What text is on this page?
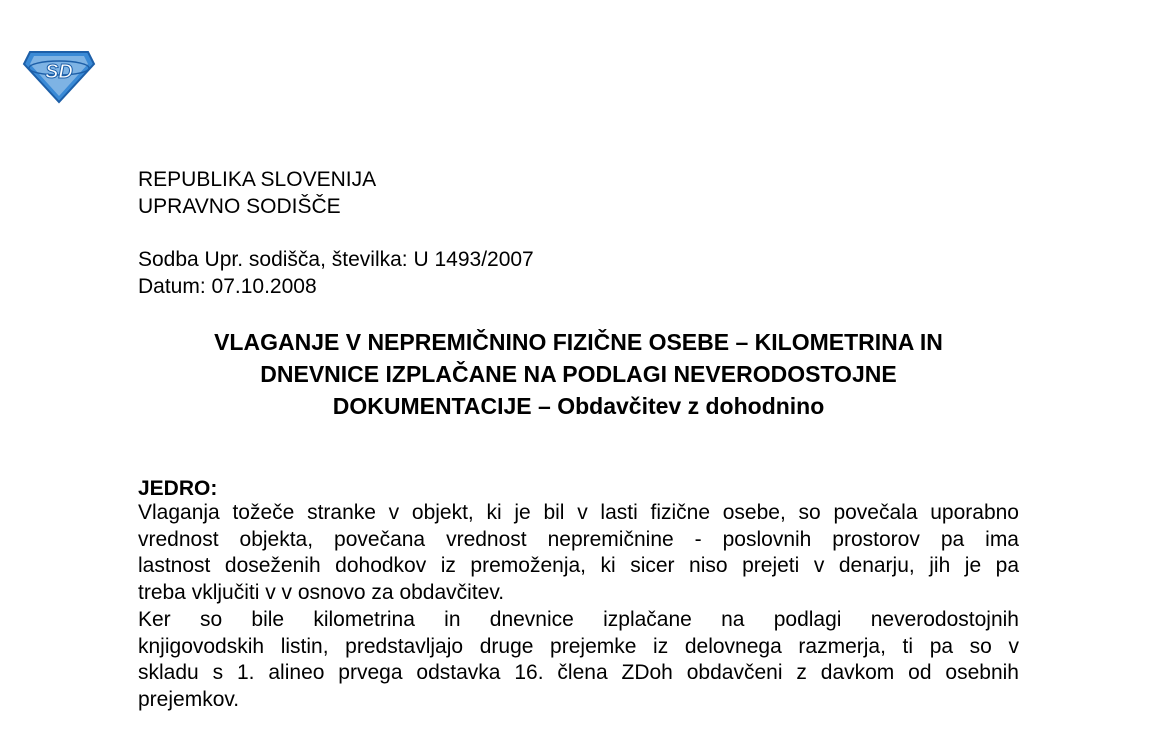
SD
REPUBLIKA SLOVENIJA
UPRAVNO SODIŠČE
Sodba Upr. sodišča, številka: U 1493/2007
Datum: 07.10.2008
VLAGANJE V NEPREMIČNINO FIZIČNE OSEBE – KILOMETRINA IN
DNEVNICE IZPLAČANE NA PODLAGI NEVERODOSTOJNE
DOKUMENTACIJE – Obdavčitev z dohodnino
JEDRO:
Vlaganja tožeče stranke v objekt, ki je bil v lasti fizične osebe, so povečala uporabno
vrednost objekta, povečana vrednost nepremičnine - poslovnih prostorov pa ima
lastnost doseženih dohodkov iz premoženja, ki sicer niso prejeti v denarju, jih je pa
treba vključiti v v osnovo za obdavčitev.
Ker so bile kilometrina in dnevnice izplačane na podlagi neverodostojnih
knjigovodskih listin, predstavljajo druge prejemke iz delovnega razmerja, ti pa so v
skladu s 1. alineo prvega odstavka 16. člena ZDoh obdavčeni z davkom od osebnih
prejemkov.
